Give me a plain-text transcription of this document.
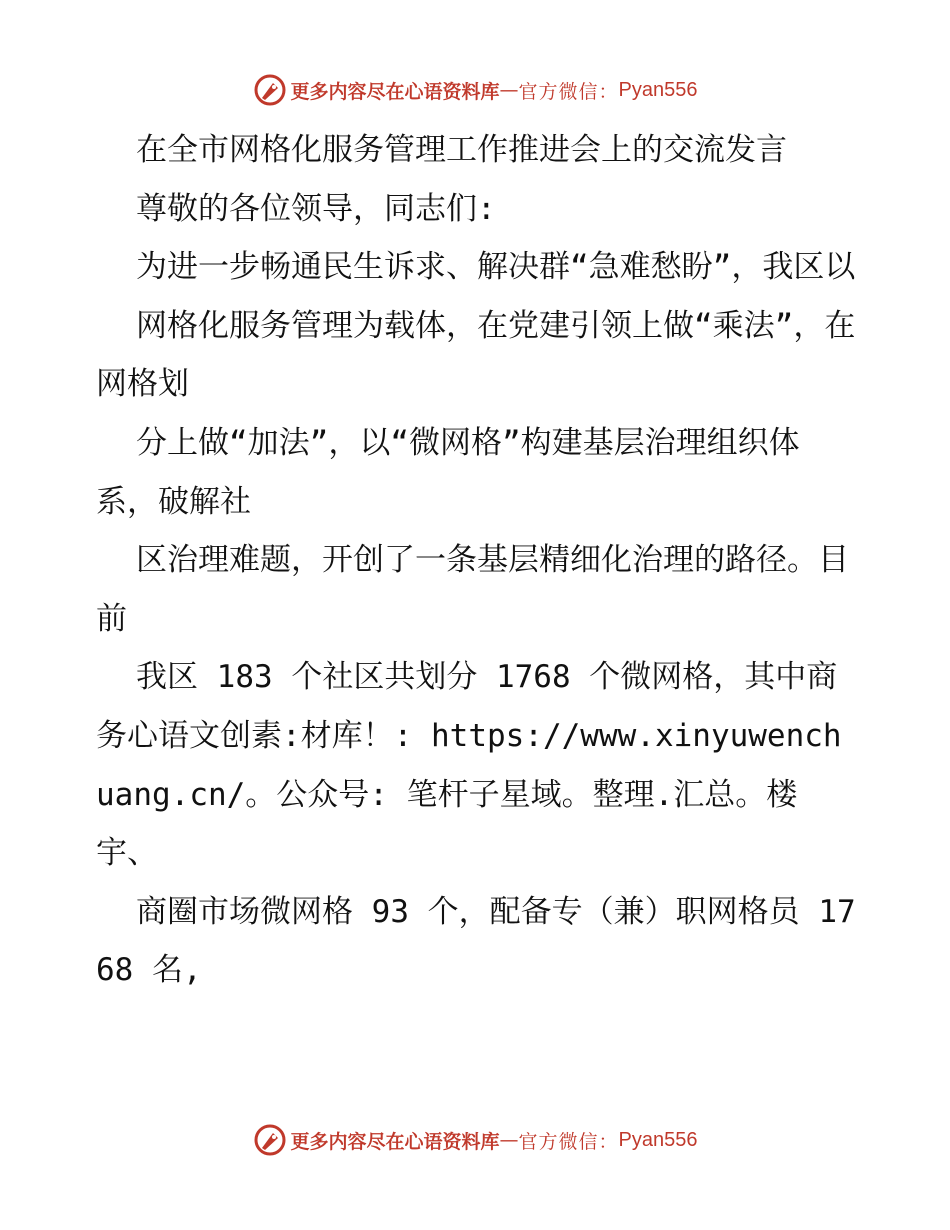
更多内容尽在心语资料库 — 官方微信： Pyan556

在全市网格化服务管理工作推进会上的交流发言

尊敬的各位领导，同志们:

为进一步畅通民生诉求、解决群“急难愁盼”，我区以

网格化服务管理为载体，在党建引领上做“乘法”，在网格划

分上做“加法”，以“微网格”构建基层治理组织体系，破解社

区治理难题，开创了一条基层精细化治理的路径。目前

我区 183 个社区共划分 1768 个微网格，其中商务心语文创素:材库！: https://www.xinyuwenchuang.cn/。公众号: 笔杆子星域。整理.汇总。楼宇、

商圈市场微网格 93 个，配备专（兼）职网格员 1768 名,

更多内容尽在心语资料库 — 官方微信： Pyan556
